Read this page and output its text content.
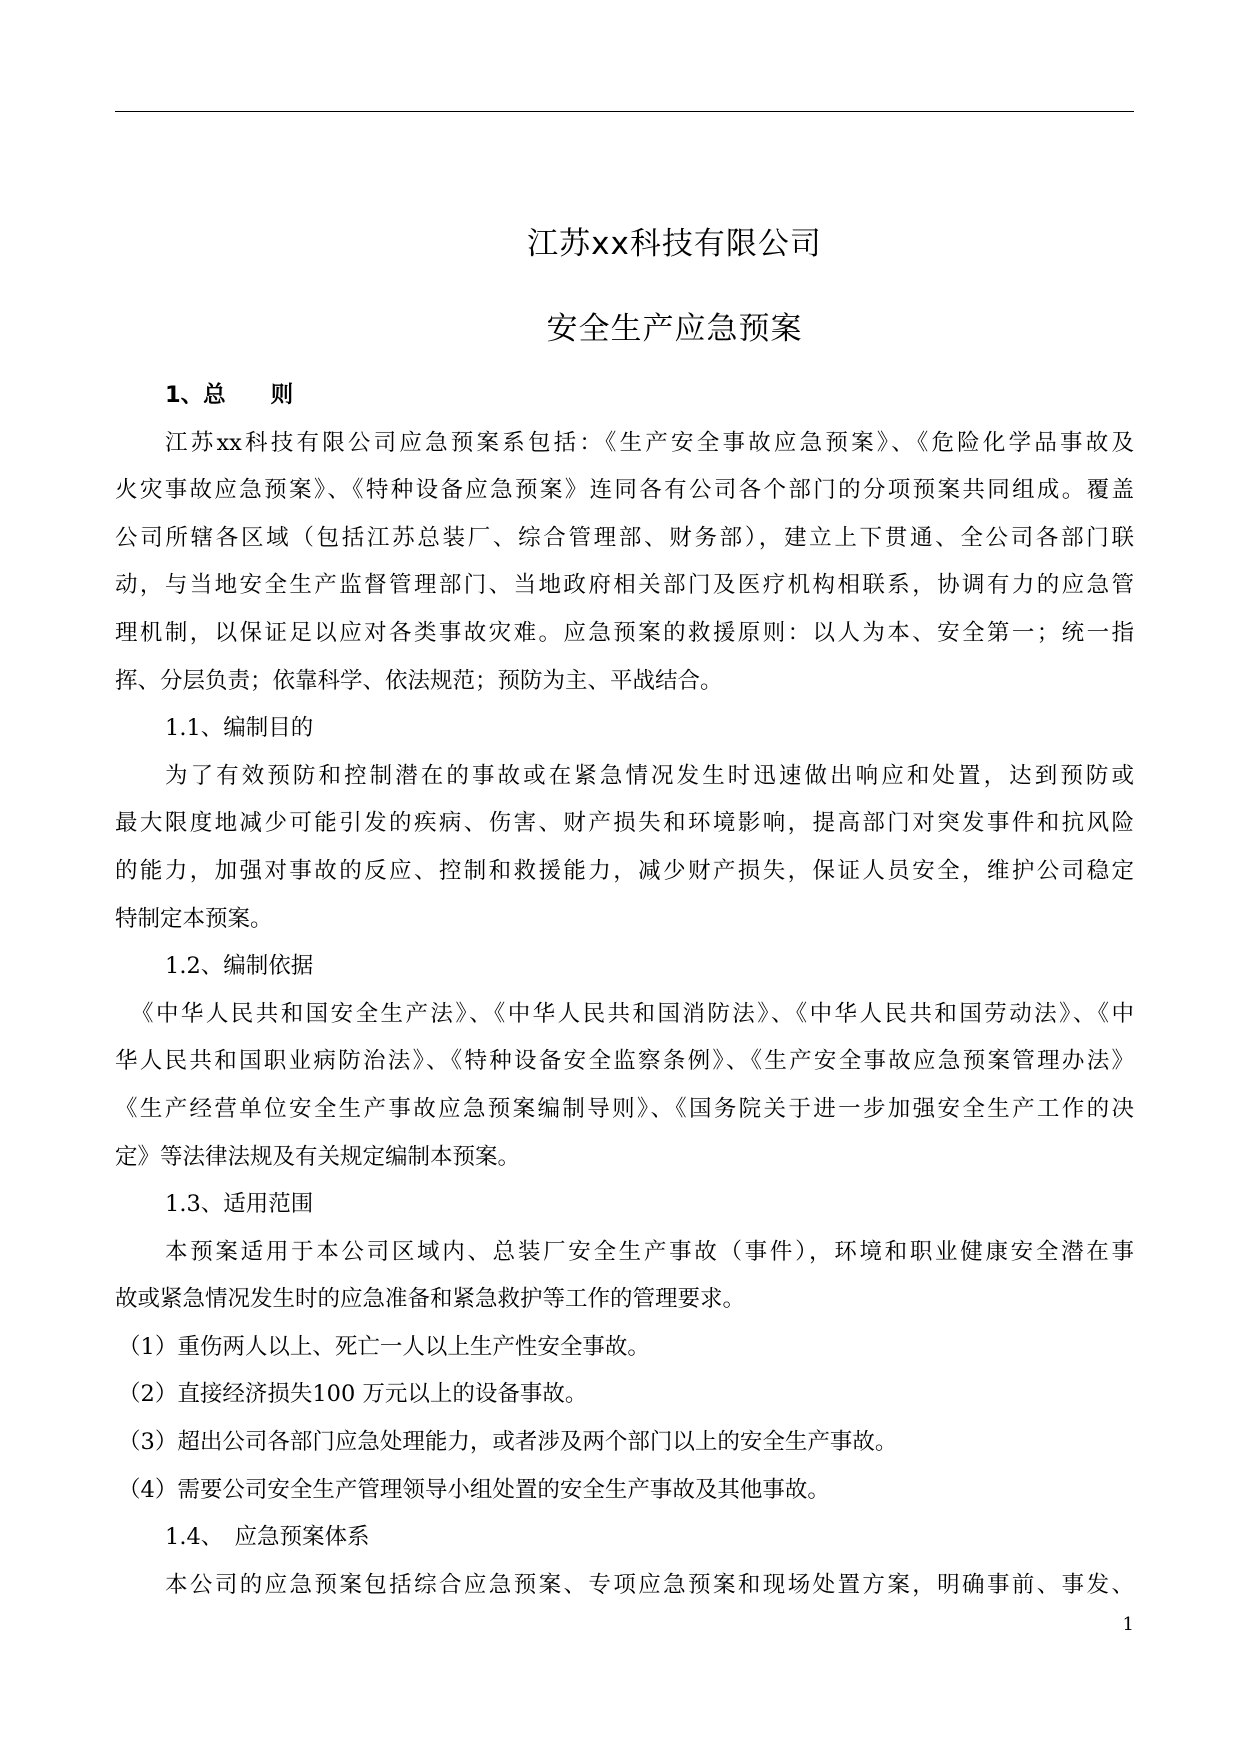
江苏xx科技有限公司
安全生产应急预案
1、总　　则
江苏xx科技有限公司应急预案系包括：《生产安全事故应急预案》、《危险化学品事故及
火灾事故应急预案》、《特种设备应急预案》连同各有公司各个部门的分项预案共同组成。覆盖
公司所辖各区域（包括江苏总装厂、综合管理部、财务部），建立上下贯通、全公司各部门联
动，与当地安全生产监督管理部门、当地政府相关部门及医疗机构相联系，协调有力的应急管
理机制，以保证足以应对各类事故灾难。应急预案的救援原则：以人为本、安全第一；统一指
挥、分层负责；依靠科学、依法规范；预防为主、平战结合。
1.1、编制目的
为了有效预防和控制潜在的事故或在紧急情况发生时迅速做出响应和处置，达到预防或
最大限度地减少可能引发的疾病、伤害、财产损失和环境影响，提高部门对突发事件和抗风险
的能力，加强对事故的反应、控制和救援能力，减少财产损失，保证人员安全，维护公司稳定
特制定本预案。
1.2、编制依据
《中华人民共和国安全生产法》、《中华人民共和国消防法》、《中华人民共和国劳动法》、《中
华人民共和国职业病防治法》、《特种设备安全监察条例》、《生产安全事故应急预案管理办法》
《生产经营单位安全生产事故应急预案编制导则》、《国务院关于进一步加强安全生产工作的决
定》等法律法规及有关规定编制本预案。
1.3、适用范围
本预案适用于本公司区域内、总装厂安全生产事故（事件），环境和职业健康安全潜在事
故或紧急情况发生时的应急准备和紧急救护等工作的管理要求。
（1）重伤两人以上、死亡一人以上生产性安全事故。
（2）直接经济损失100 万元以上的设备事故。
（3）超出公司各部门应急处理能力，或者涉及两个部门以上的安全生产事故。
（4）需要公司安全生产管理领导小组处置的安全生产事故及其他事故。
1.4、　应急预案体系
本公司的应急预案包括综合应急预案、专项应急预案和现场处置方案，明确事前、事发、
1
